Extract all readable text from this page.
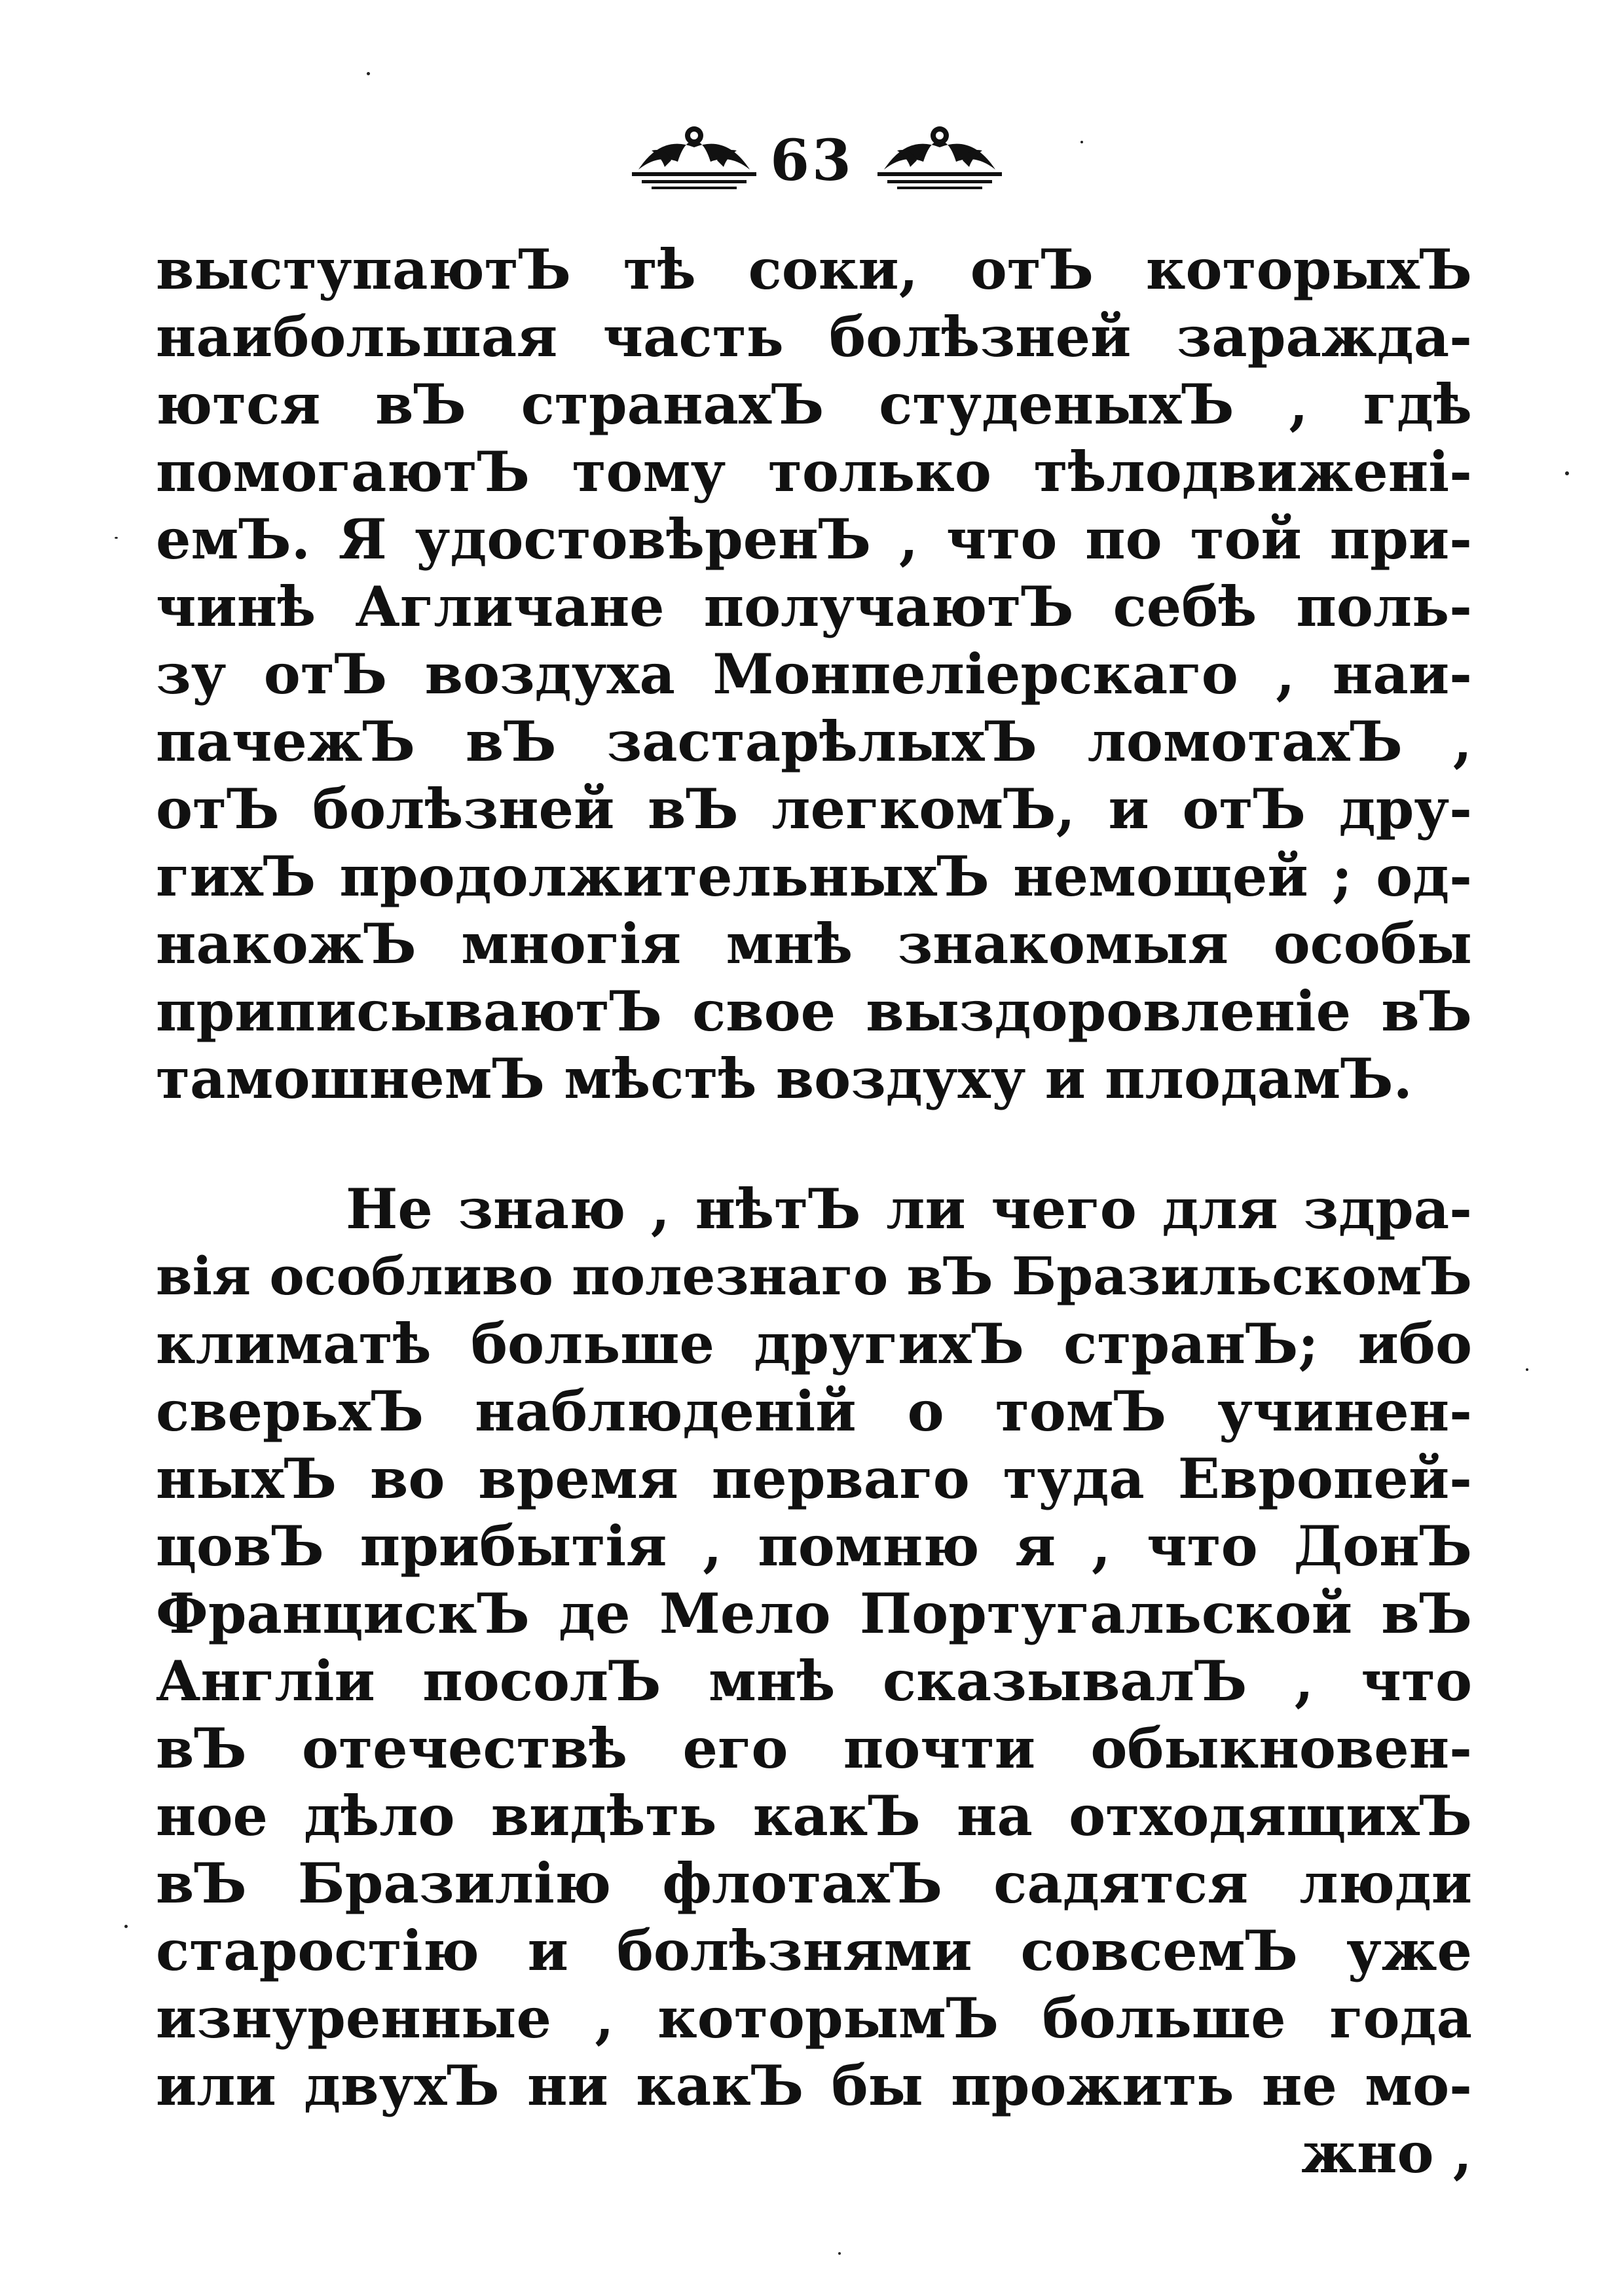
63
выступаютЪ тѣ соки, отЪ которыхЪ
наибольшая часть болѣзней зараждa-
ются вЪ странахЪ студеныхЪ , гдѣ
помогаютЪ тому только тѣлодвиженi-
емЪ. Я удостовѣренЪ , что по той при-
чинѣ Агличане получаютЪ себѣ поль-
зу отЪ воздуха Монпелiерскаго , наи-
пачежЪ вЪ застарѣлыхЪ ломотахЪ ,
отЪ болѣзней вЪ легкомЪ, и отЪ дру-
гихЪ продолжительныхЪ немощей ; од-
накожЪ многiя мнѣ знакомыя особы
приписываютЪ свое выздоровленiе вЪ
тамошнемЪ мѣстѣ воздуху и плодамЪ.
Не знаю , нѣтЪ ли чего для здра-
вiя особливо полезнаго вЪ БразильскомЪ
климатѣ больше другихЪ странЪ; ибо
сверьхЪ наблюденiй о томЪ учинен-
ныхЪ во время перваго туда Европей-
цовЪ прибытiя , помню я , что ДонЪ
ФранцискЪ де Мело Португальской вЪ
Англiи посолЪ мнѣ сказывалЪ , что
вЪ отечествѣ его почти обыкновен-
ное дѣло видѣть какЪ на отходящихЪ
вЪ Бразилiю флотахЪ садятся люди
старостiю и болѣзнями совсемЪ уже
изнуренные , которымЪ больше года
или двухЪ ни какЪ бы прожить не мо-
жно ,
